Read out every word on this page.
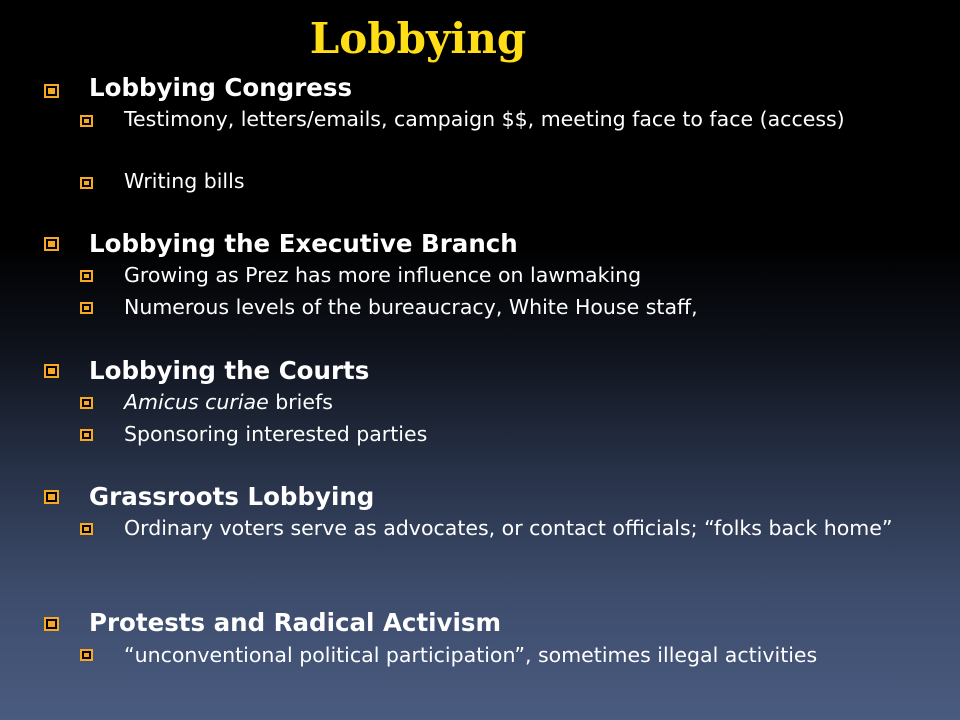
Lobbying
Lobbying Congress
Testimony, letters/emails, campaign $$, meeting face to face (access)
Writing bills
Lobbying the Executive Branch
Growing as Prez has more influence on lawmaking
Numerous levels of the bureaucracy, White House staff,
Lobbying the Courts
Amicus curiae briefs
Sponsoring interested parties
Grassroots Lobbying
Ordinary voters serve as advocates, or contact officials; “folks back home”
Protests and Radical Activism
“unconventional political participation”, sometimes illegal activities
